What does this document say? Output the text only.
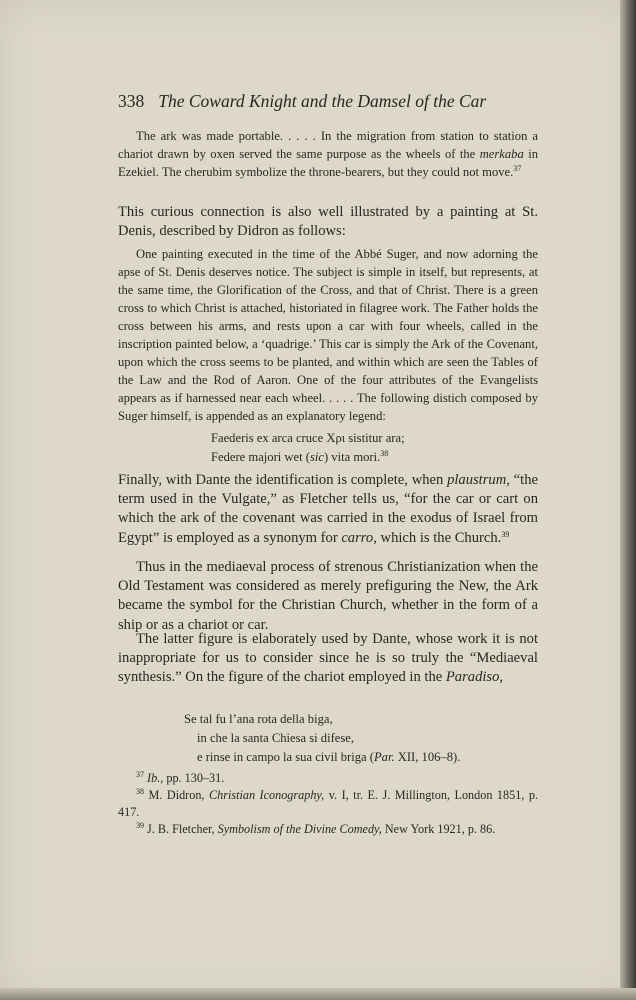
338 The Coward Knight and the Damsel of the Car

The ark was made portable. . . . . In the migration from station to station a chariot drawn by oxen served the same purpose as the wheels of the merkaba in Ezekiel. The cherubim symbolize the throne-bearers, but they could not move.$^{37}$

This curious connection is also well illustrated by a painting at St. Denis, described by Didron as follows:

One painting executed in the time of the Abbé Suger, and now adorning the apse of St. Denis deserves notice. The subject is simple in itself, but represents, at the same time, the Glorification of the Cross, and that of Christ. There is a green cross to which Christ is attached, historiated in filagree work. The Father holds the cross between his arms, and rests upon a car with four wheels, called in the inscription painted below, a ‘quadrige.’ This car is simply the Ark of the Covenant, upon which the cross seems to be planted, and within which are seen the Tables of the Law and the Rod of Aaron. One of the four attributes of the Evangelists appears as if harnessed near each wheel. . . . . The following distich composed by Suger himself, is appended as an explanatory legend:

Faederis ex arca cruce Xρι sistitur ara;
Federe majori wet (sic) vita mori.$^{38}$

Finally, with Dante the identification is complete, when plaustrum, “the term used in the Vulgate,” as Fletcher tells us, “for the car or cart on which the ark of the covenant was carried in the exodus of Israel from Egypt” is employed as a synonym for carro, which is the Church.$^{39}$

Thus in the mediaeval process of strenous Christianization when the Old Testament was considered as merely prefiguring the New, the Ark became the symbol for the Christian Church, whether in the form of a ship or as a chariot or car.

The latter figure is elaborately used by Dante, whose work it is not inappropriate for us to consider since he is so truly the “Mediaeval synthesis.” On the figure of the chariot employed in the Paradiso,

Se tal fu l’ana rota della biga,
in che la santa Chiesa si difese,
e rinse in campo la sua civil briga (Par. XII, 106–8).

$^{37}$ Ib., pp. 130–31.

$^{38}$ M. Didron, Christian Iconography, v. I, tr. E. J. Millington, London 1851, p. 417.

$^{39}$ J. B. Fletcher, Symbolism of the Divine Comedy, New York 1921, p. 86.
